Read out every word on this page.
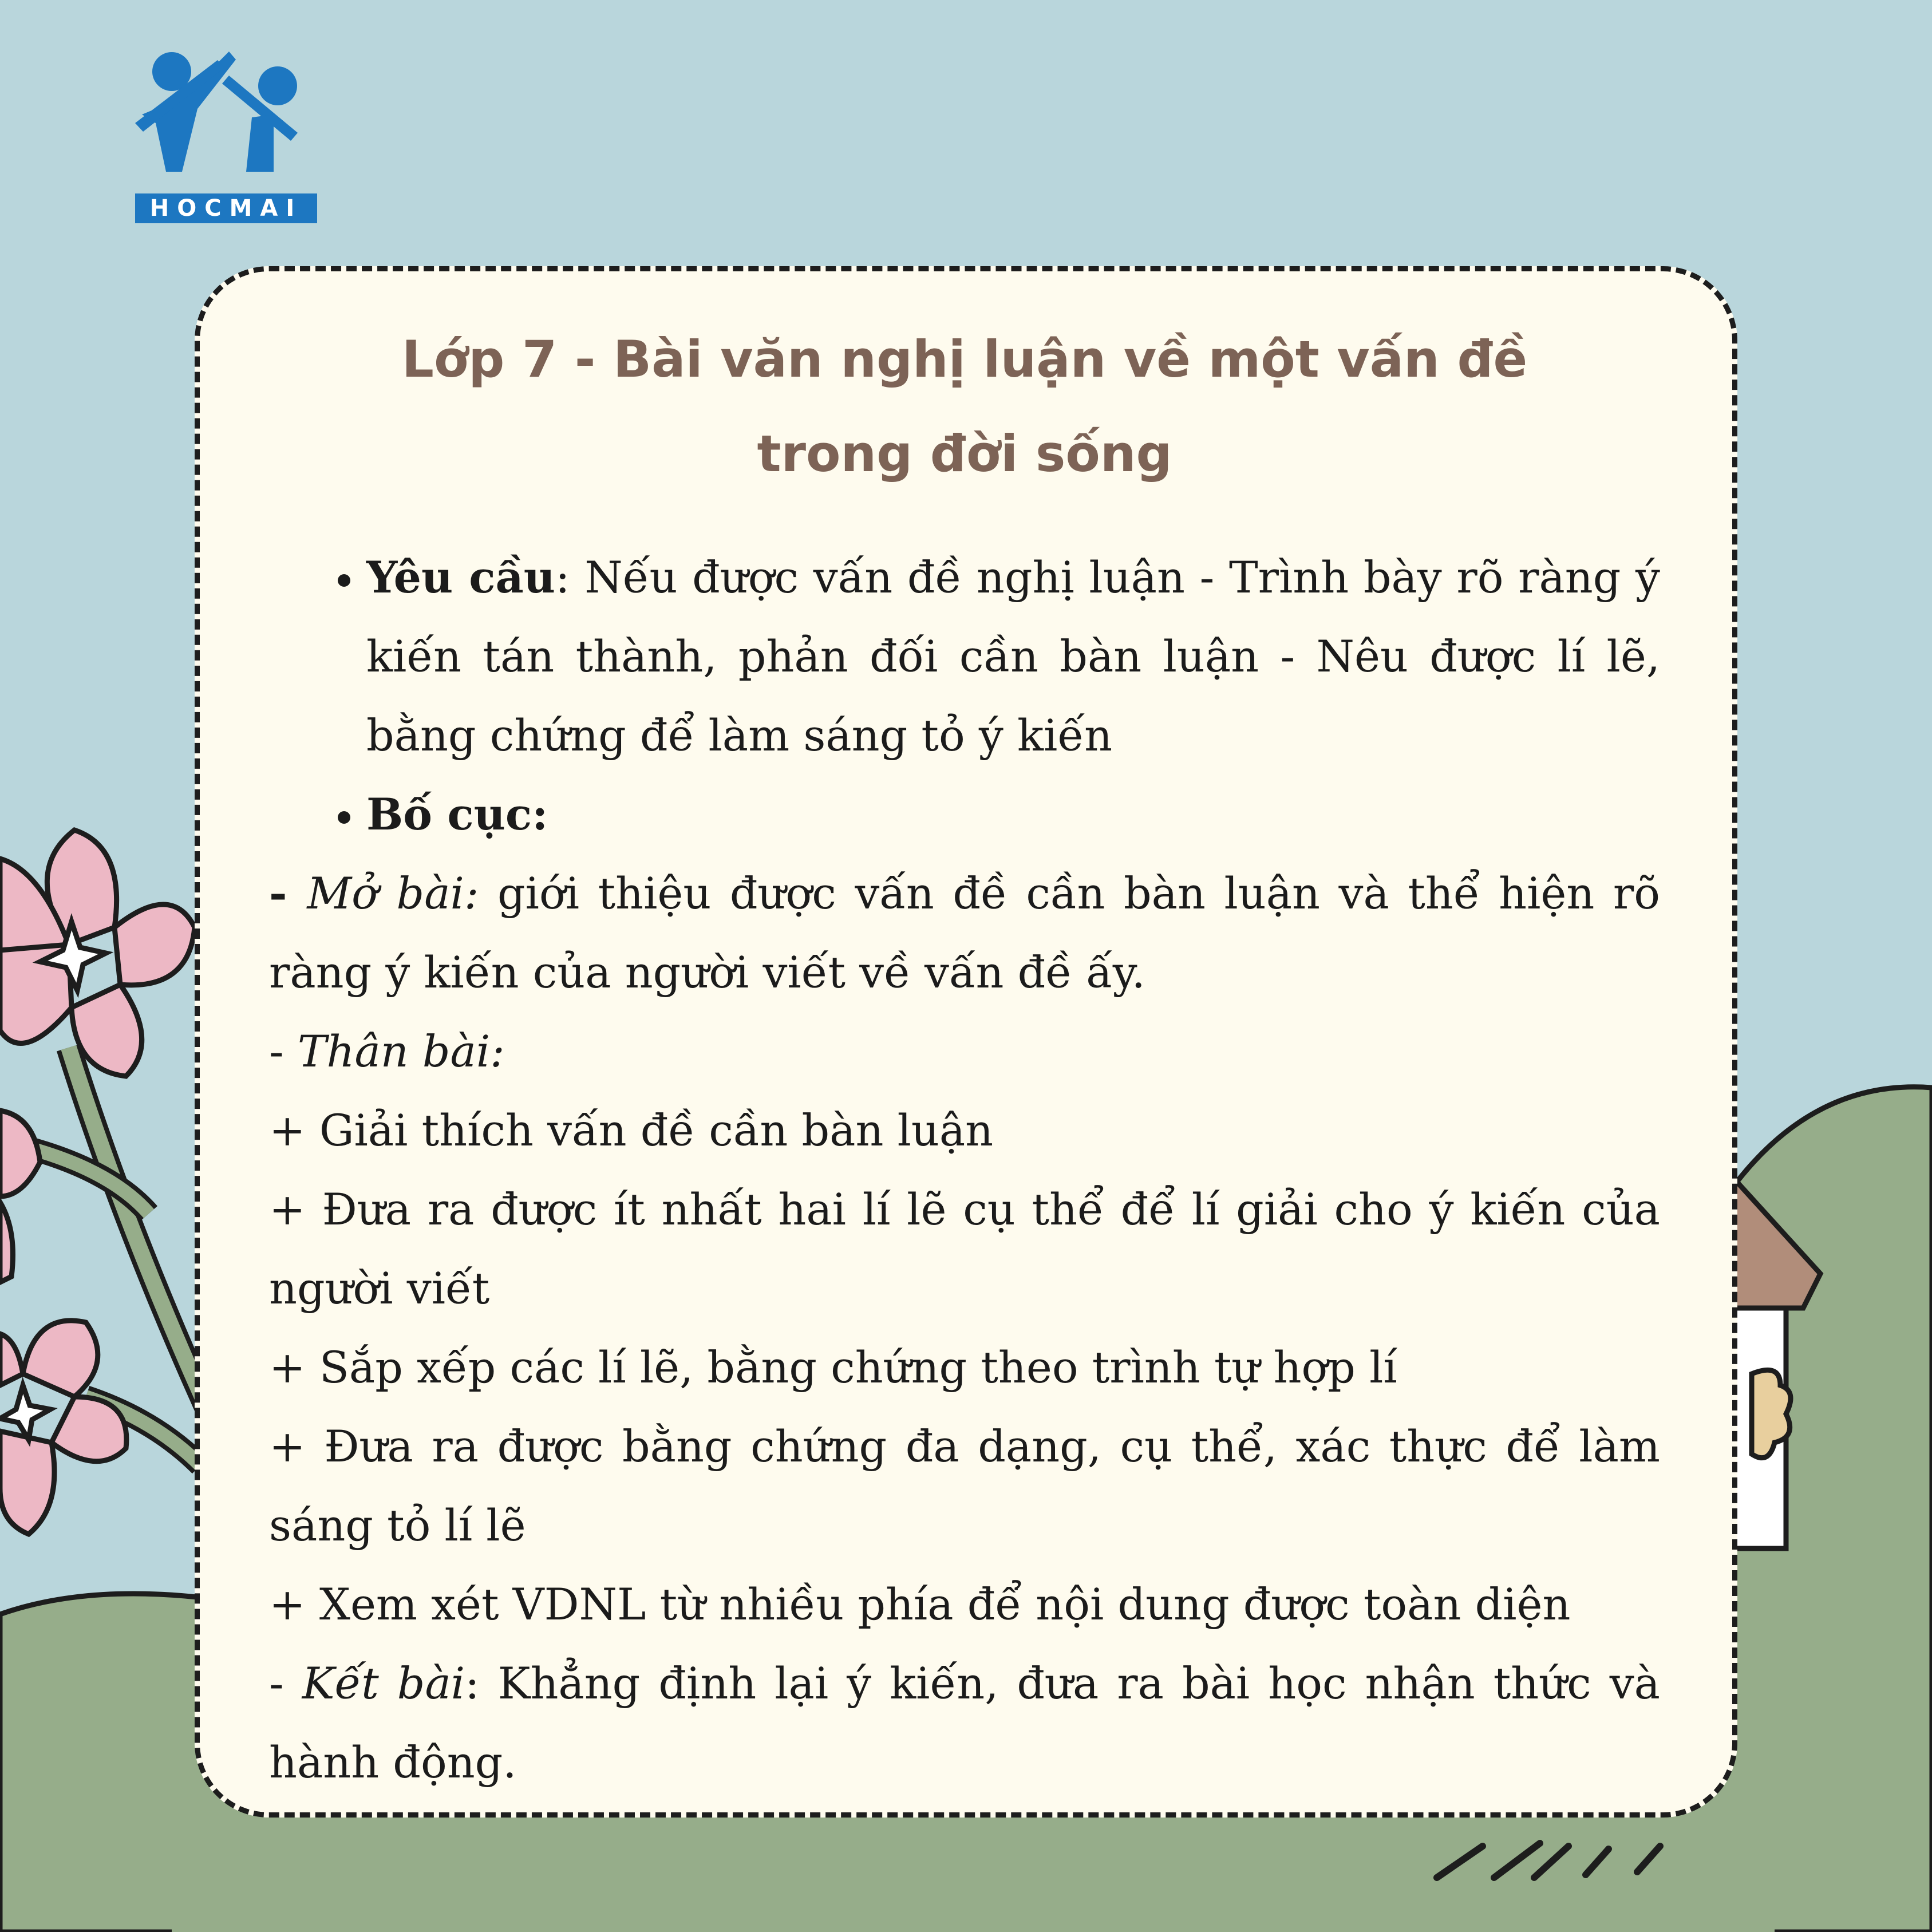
HOCMAI
Lớp 7 - Bài văn nghị luận về một vấn đề
trong đời sống
• Yêu cầu: Nếu được vấn đề nghị luận - Trình bày rõ ràng ý kiến tán thành, phản đối cần bàn luận - Nêu được lí lẽ, bằng chứng để làm sáng tỏ ý kiến
• Bố cục:

- Mở bài: giới thiệu được vấn đề cần bàn luận và thể hiện rõ ràng ý kiến của người viết về vấn đề ấy.

- Thân bài:

+ Giải thích vấn đề cần bàn luận

+ Đưa ra được ít nhất hai lí lẽ cụ thể để lí giải cho ý kiến của người viết

+ Sắp xếp các lí lẽ, bằng chứng theo trình tự hợp lí

+ Đưa ra được bằng chứng đa dạng, cụ thể, xác thực để làm sáng tỏ lí lẽ

+ Xem xét VDNL từ nhiều phía để nội dung được toàn diện

- Kết bài: Khẳng định lại ý kiến, đưa ra bài học nhận thức và hành động.
